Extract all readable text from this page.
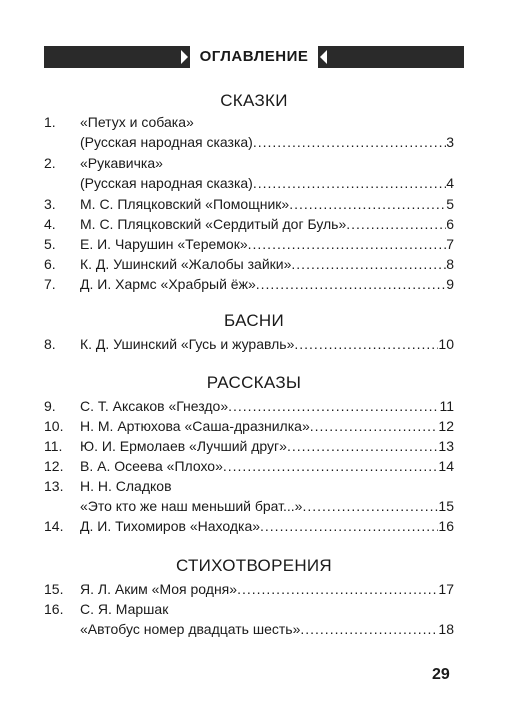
ОГЛАВЛЕНИЕ
СКАЗКИ
1.	«Петух и собака»
(Русская народная сказка) .....	3
2.	«Рукавичка»
(Русская народная сказка) .....	4
3.	М. С. Пляцковский «Помощник» .....	5
4.	М. С. Пляцковский «Сердитый дог Буль» .....	6
5.	Е. И. Чарушин «Теремок» .....	7
6.	К. Д. Ушинский «Жалобы зайки» .....	8
7.	Д. И. Хармс «Храбрый ёж» .....	9
БАСНИ
8.	К. Д. Ушинский «Гусь и журавль» .....	10
РАССКАЗЫ
9.	С. Т. Аксаков «Гнездо» .....	11
10.	Н. М. Артюхова «Саша-дразнилка» .....	12
11.	Ю. И. Ермолаев «Лучший друг» .....	13
12.	В. А. Осеева «Плохо» .....	14
13.	Н. Н. Сладков
«Это кто же наш меньший брат...» .....	15
14.	Д. И. Тихомиров «Находка» .....	16
СТИХОТВОРЕНИЯ
15.	Я. Л. Аким «Моя родня» .....	17
16.	С. Я. Маршак
«Автобус номер двадцать шесть» .....	18
29
